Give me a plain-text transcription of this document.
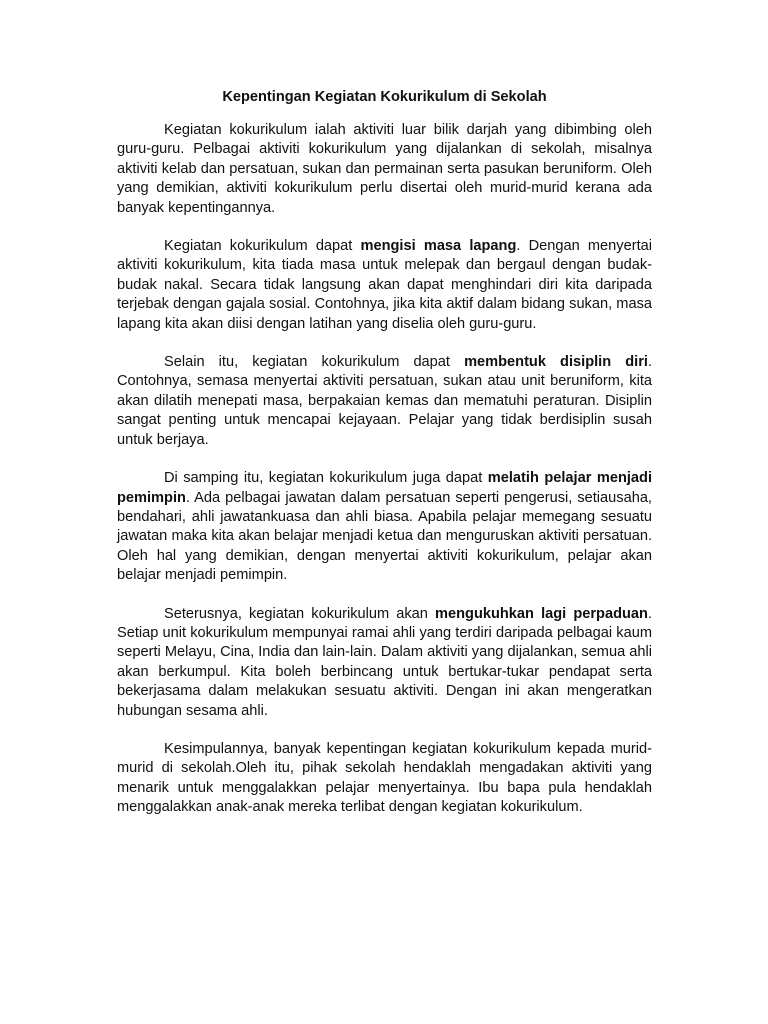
Kepentingan Kegiatan Kokurikulum di Sekolah

Kegiatan kokurikulum ialah aktiviti luar bilik darjah yang dibimbing oleh guru-guru. Pelbagai aktiviti kokurikulum yang dijalankan di sekolah, misalnya aktiviti kelab dan persatuan, sukan dan permainan serta pasukan beruniform. Oleh yang demikian, aktiviti kokurikulum perlu disertai oleh murid-murid kerana ada banyak kepentingannya.

Kegiatan kokurikulum dapat mengisi masa lapang. Dengan menyertai aktiviti kokurikulum, kita tiada masa untuk melepak dan bergaul dengan budak-budak nakal. Secara tidak langsung akan dapat menghindari diri kita daripada terjebak dengan gajala sosial. Contohnya, jika kita aktif dalam bidang sukan, masa lapang kita akan diisi dengan latihan yang diselia oleh guru-guru.

Selain itu, kegiatan kokurikulum dapat membentuk disiplin diri. Contohnya, semasa menyertai aktiviti persatuan, sukan atau unit beruniform, kita akan dilatih menepati masa, berpakaian kemas dan mematuhi peraturan. Disiplin sangat penting untuk mencapai kejayaan. Pelajar yang tidak berdisiplin susah untuk berjaya.

Di samping itu, kegiatan kokurikulum juga dapat melatih pelajar menjadi pemimpin. Ada pelbagai jawatan dalam persatuan seperti pengerusi, setiausaha, bendahari, ahli jawatankuasa dan ahli biasa. Apabila pelajar memegang sesuatu jawatan maka kita akan belajar menjadi ketua dan menguruskan aktiviti persatuan. Oleh hal yang demikian, dengan menyertai aktiviti kokurikulum, pelajar akan belajar menjadi pemimpin.

Seterusnya, kegiatan kokurikulum akan mengukuhkan lagi perpaduan. Setiap unit kokurikulum mempunyai ramai ahli yang terdiri daripada pelbagai kaum seperti Melayu, Cina, India dan lain-lain. Dalam aktiviti yang dijalankan, semua ahli akan berkumpul. Kita boleh berbincang untuk bertukar-tukar pendapat serta bekerjasama dalam melakukan sesuatu aktiviti. Dengan ini akan mengeratkan hubungan sesama ahli.

Kesimpulannya, banyak kepentingan kegiatan kokurikulum kepada murid-murid di sekolah.Oleh itu, pihak sekolah hendaklah mengadakan aktiviti yang menarik untuk menggalakkan pelajar menyertainya. Ibu bapa pula hendaklah menggalakkan anak-anak mereka terlibat dengan kegiatan kokurikulum.
